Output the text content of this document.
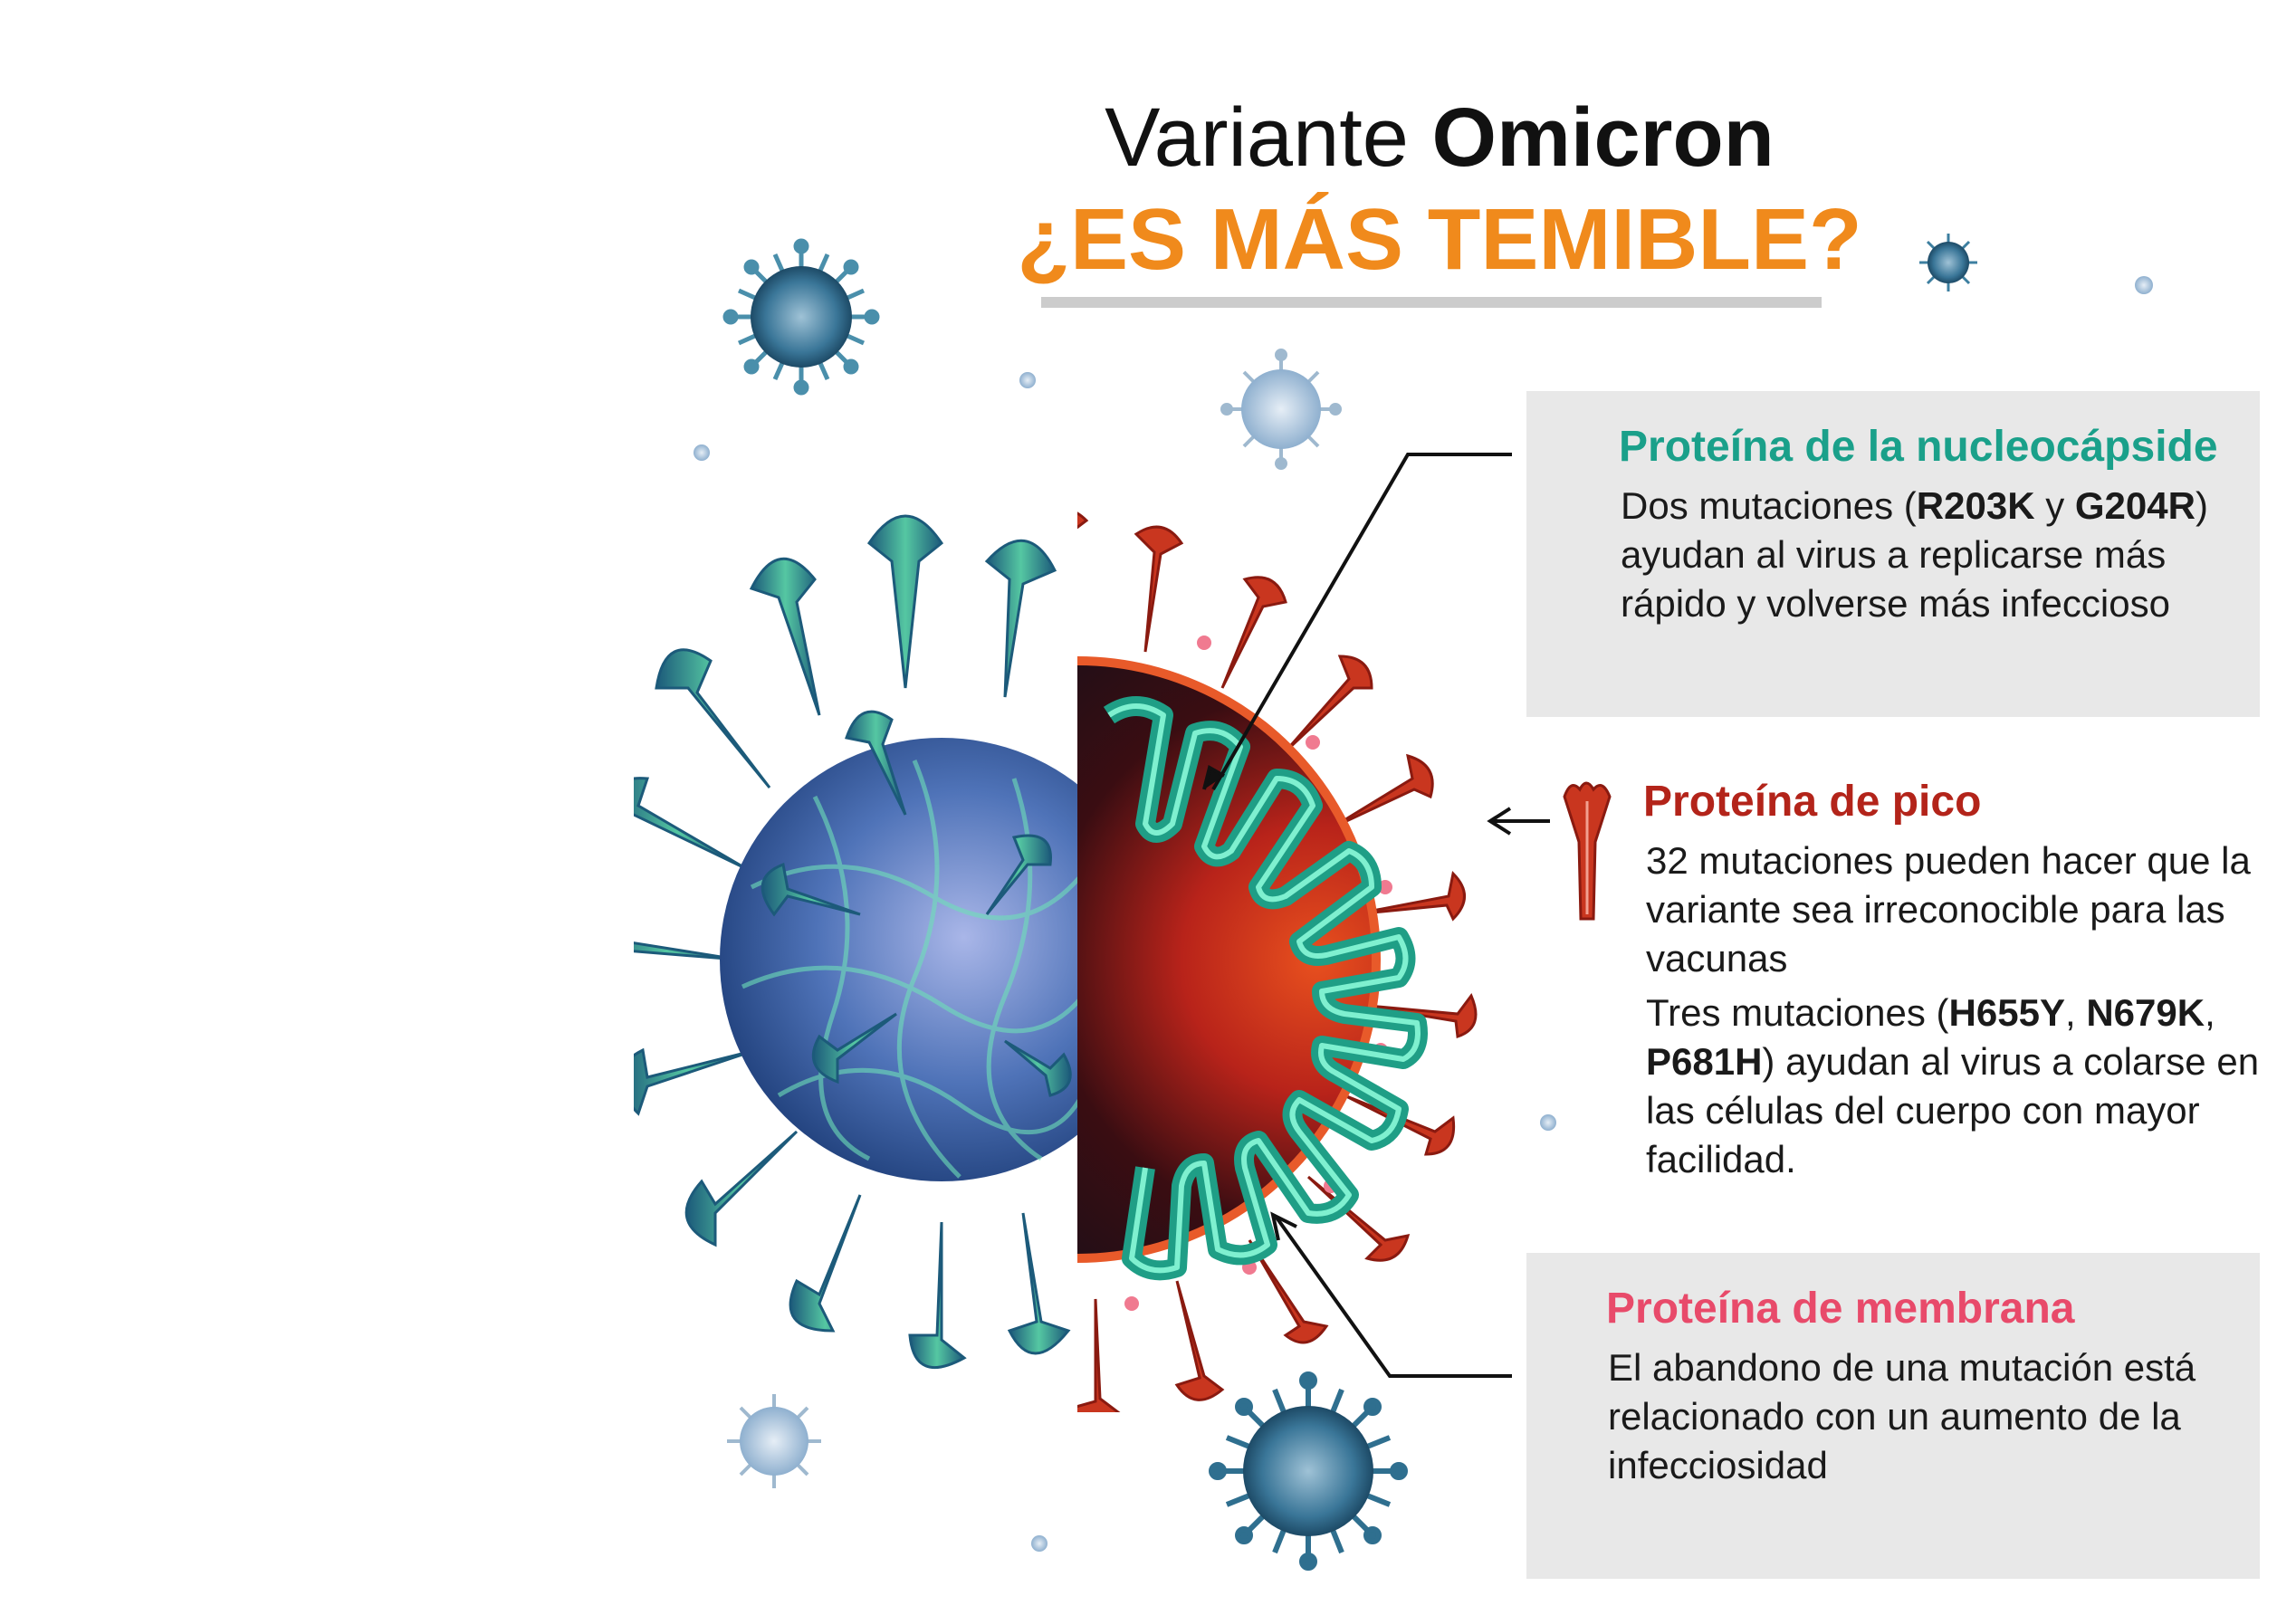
Variante Omicron
¿ES MÁS TEMIBLE?
Proteína de la nucleocápside

Dos mutaciones (R203K y G204R) ayudan al virus a replicarse más rápido y volverse más infeccioso

Proteína de pico

32 mutaciones pueden hacer que la variante sea irreconocible para las vacunas

Tres mutaciones (H655Y, N679K, P681H) ayudan al virus a colarse en las células del cuerpo con mayor facilidad.

Proteína de membrana

El abandono de una mutación está relacionado con un aumento de la infecciosidad
